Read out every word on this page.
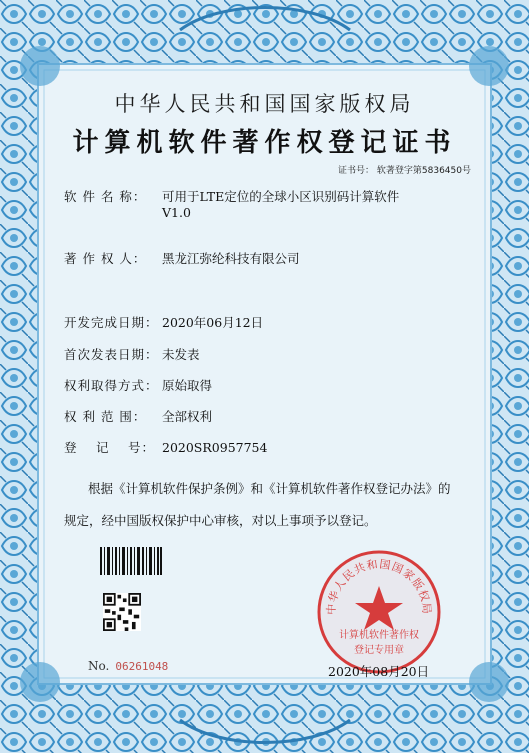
中华人民共和国国家版权局
计算机软件著作权登记证书
证书号： 软著登字第5836450号
软 件 名 称： 可用于LTE定位的全球小区识别码计算软件
V1.0
著 作 权 人： 黑龙江弥纶科技有限公司
开发完成日期： 2020年06月12日
首次发表日期： 未发表
权利取得方式： 原始取得
权 利 范 围： 全部权利
登　 记　 号： 2020SR0957754
根据《计算机软件保护条例》和《计算机软件著作权登记办法》的
规定，经中国版权保护中心审核，对以上事项予以登记。
No. 06261048
中华人民共和国国家版权局
计算机软件著作权
登记专用章
2020年08月20日
